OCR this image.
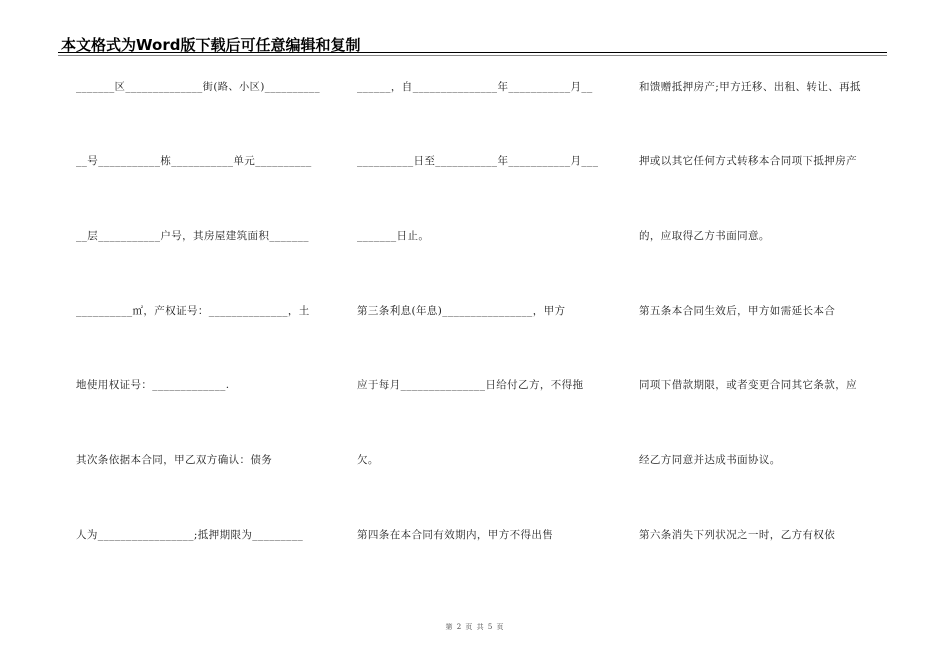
本文格式为Word版下载后可任意编辑和复制
_______区______________街(路、小区)__________
__号___________栋___________单元__________
__层___________户号，其房屋建筑面积_______
__________㎡，产权证号：______________，土
地使用权证号：_____________.
其次条依据本合同，甲乙双方确认：债务
人为_________________;抵押期限为_________
______，自_______________年___________月__
__________日至___________年___________月___
_______日止。
第三条利息(年息)________________，甲方
应于每月_______________日给付乙方，不得拖
欠。
第四条在本合同有效期内，甲方不得出售
和馈赠抵押房产;甲方迁移、出租、转让、再抵
押或以其它任何方式转移本合同项下抵押房产
的，应取得乙方书面同意。
第五条本合同生效后，甲方如需延长本合
同项下借款期限，或者变更合同其它条款，应
经乙方同意并达成书面协议。
第六条消失下列状况之一时，乙方有权依
第 2 页 共 5 页
